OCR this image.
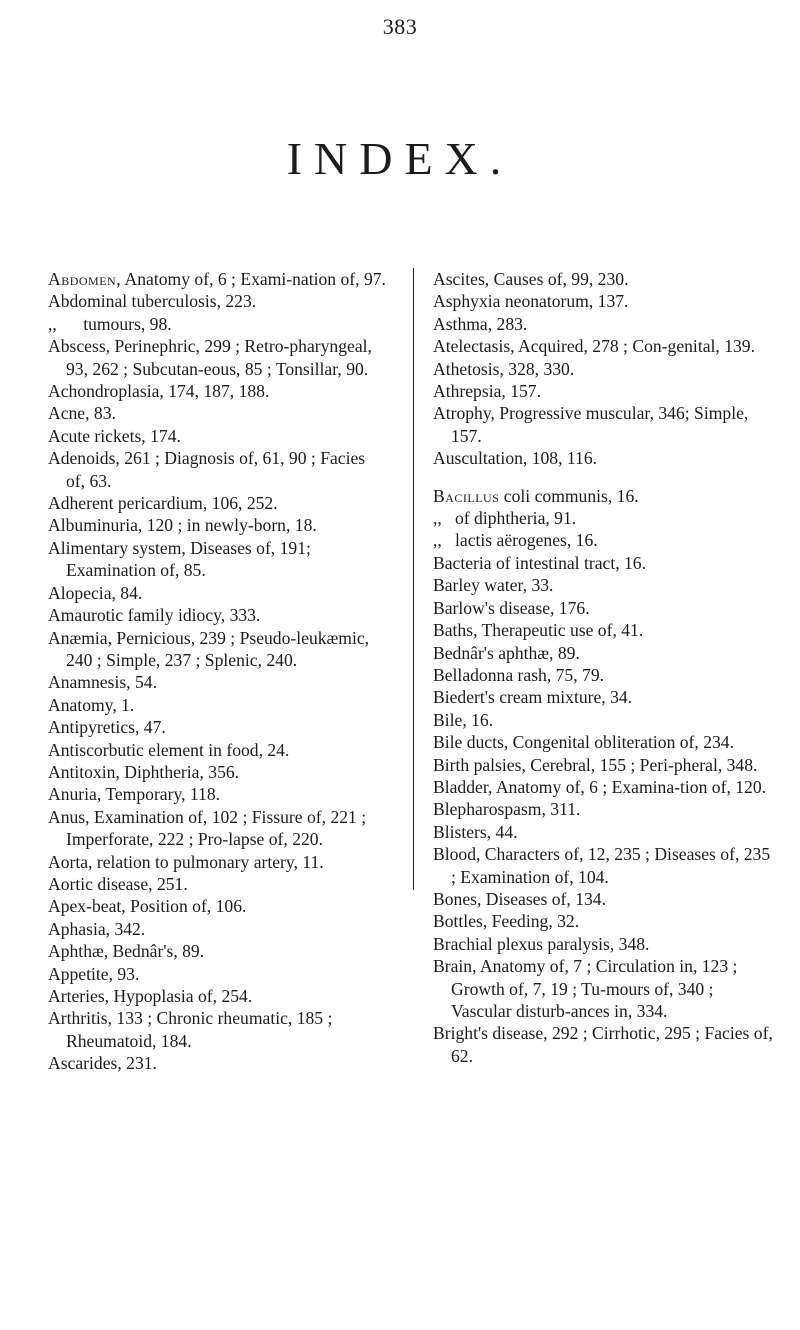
383
INDEX.

Abdomen, Anatomy of, 6 ; Exami-nation of, 97.

Abdominal tuberculosis, 223.

,,      tumours, 98.

Abscess, Perinephric, 299 ; Retro-pharyngeal, 93, 262 ; Subcutan-eous, 85 ; Tonsillar, 90.

Achondroplasia, 174, 187, 188.

Acne, 83.

Acute rickets, 174.

Adenoids, 261 ; Diagnosis of, 61, 90 ; Facies of, 63.

Adherent pericardium, 106, 252.

Albuminuria, 120 ; in newly-born, 18.

Alimentary system, Diseases of, 191; Examination of, 85.

Alopecia, 84.

Amaurotic family idiocy, 333.

Anæmia, Pernicious, 239 ; Pseudo-leukæmic, 240 ; Simple, 237 ; Splenic, 240.

Anamnesis, 54.

Anatomy, 1.

Antipyretics, 47.

Antiscorbutic element in food, 24.

Antitoxin, Diphtheria, 356.

Anuria, Temporary, 118.

Anus, Examination of, 102 ; Fissure of, 221 ; Imperforate, 222 ; Pro-lapse of, 220.

Aorta, relation to pulmonary artery, 11.

Aortic disease, 251.

Apex-beat, Position of, 106.

Aphasia, 342.

Aphthæ, Bednâr's, 89.

Appetite, 93.

Arteries, Hypoplasia of, 254.

Arthritis, 133 ; Chronic rheumatic, 185 ; Rheumatoid, 184.

Ascarides, 231.

Ascites, Causes of, 99, 230.

Asphyxia neonatorum, 137.

Asthma, 283.

Atelectasis, Acquired, 278 ; Con-genital, 139.

Athetosis, 328, 330.

Athrepsia, 157.

Atrophy, Progressive muscular, 346; Simple, 157.

Auscultation, 108, 116.

Bacillus coli communis, 16.

,,   of diphtheria, 91.

,,   lactis aërogenes, 16.

Bacteria of intestinal tract, 16.

Barley water, 33.

Barlow's disease, 176.

Baths, Therapeutic use of, 41.

Bednâr's aphthæ, 89.

Belladonna rash, 75, 79.

Biedert's cream mixture, 34.

Bile, 16.

Bile ducts, Congenital obliteration of, 234.

Birth palsies, Cerebral, 155 ; Peri-pheral, 348.

Bladder, Anatomy of, 6 ; Examina-tion of, 120.

Blepharospasm, 311.

Blisters, 44.

Blood, Characters of, 12, 235 ; Diseases of, 235 ; Examination of, 104.

Bones, Diseases of, 134.

Bottles, Feeding, 32.

Brachial plexus paralysis, 348.

Brain, Anatomy of, 7 ; Circulation in, 123 ; Growth of, 7, 19 ; Tu-mours of, 340 ; Vascular disturb-ances in, 334.

Bright's disease, 292 ; Cirrhotic, 295 ; Facies of, 62.
